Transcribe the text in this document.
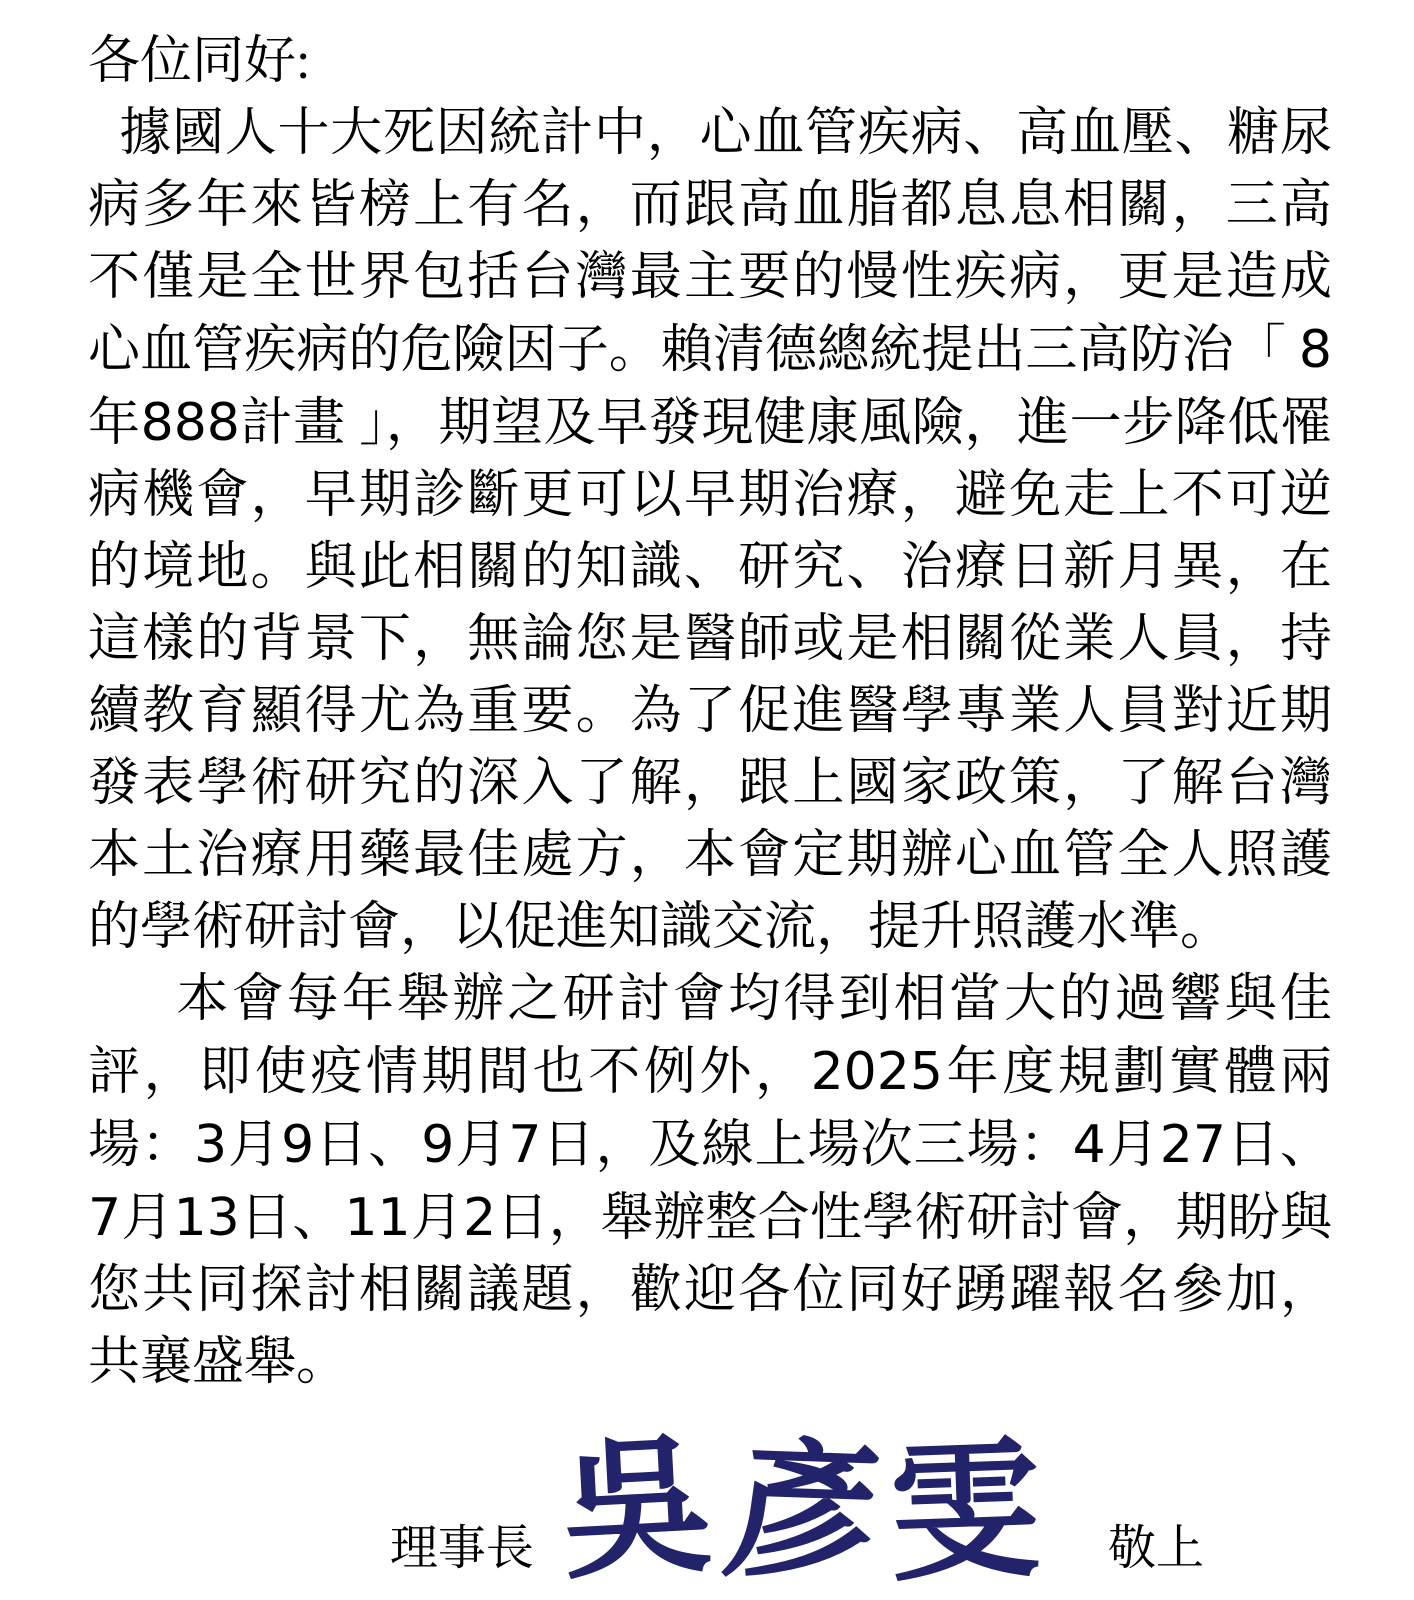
各位同好:

據國人十大死因統計中，心血管疾病、高血壓、糖尿病多年來皆榜上有名，而跟高血脂都息息相關，三高不僅是全世界包括台灣最主要的慢性疾病，更是造成心血管疾病的危險因子。賴清德總統提出三高防治「 8年888計畫 」，期望及早發現健康風險，進一步降低罹病機會，早期診斷更可以早期治療，避免走上不可逆的境地。與此相關的知識、研究、治療日新月異，在這樣的背景下，無論您是醫師或是相關從業人員，持續教育顯得尤為重要。為了促進醫學專業人員對近期發表學術研究的深入了解，跟上國家政策，了解台灣本土治療用藥最佳處方，本會定期辦心血管全人照護的學術研討會，以促進知識交流，提升照護水準。

本會每年舉辦之研討會均得到相當大的過響與佳評，即使疫情期間也不例外，2025年度規劃實體兩場：3月9日、9月7日，及線上場次三場：4月27日、7月13日、11月2日，舉辦整合性學術研討會，期盼與您共同探討相關議題，歡迎各位同好踴躍報名參加，共襄盛舉。

理事長 吳彥雯 敬上
